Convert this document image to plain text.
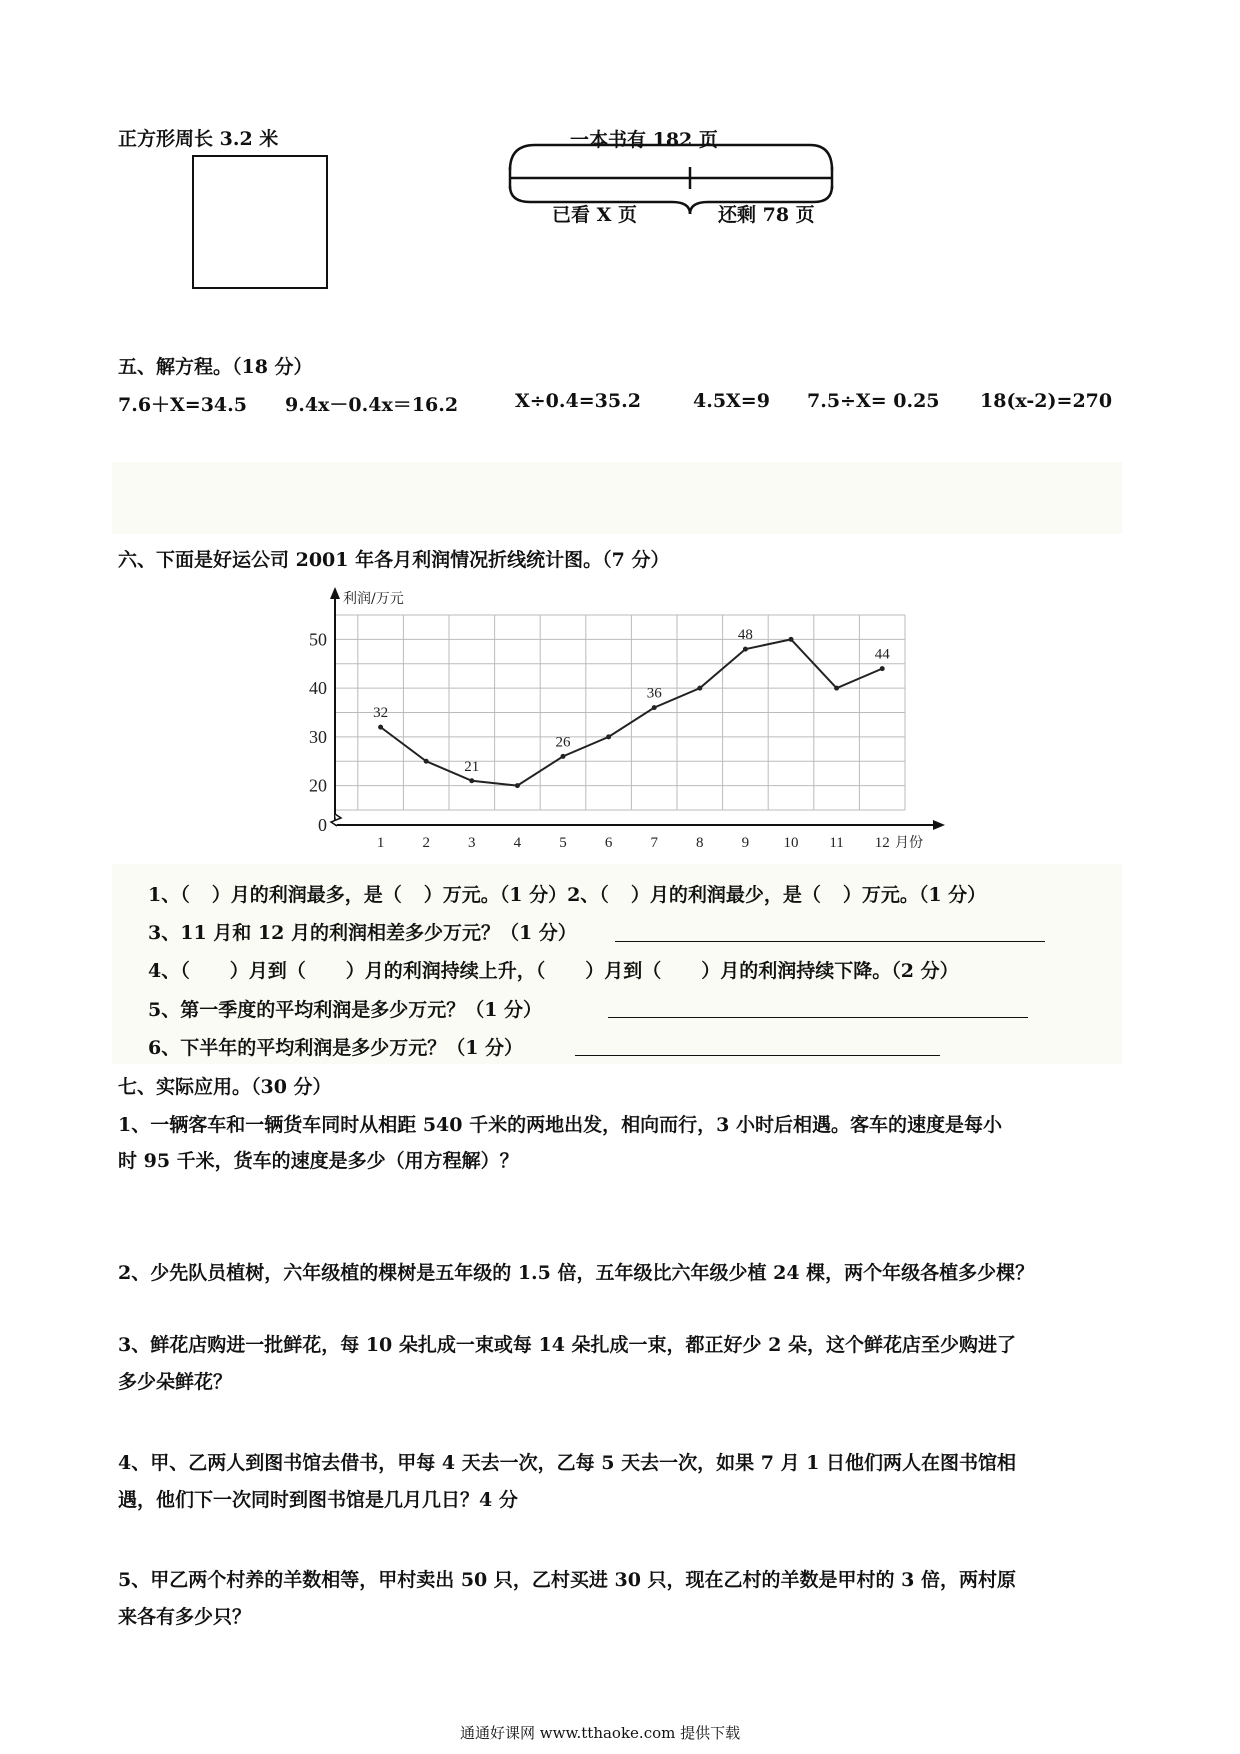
正方形周长 3.2 米	一本书有 182 页
已看 X 页	还剩 78 页
五、解方程。（18 分）
7.6＋X=34.5 9.4x－0.4x＝16.2	X÷0.4=35.2	4.5X=9 7.5÷X= 0.25 18(x-2)=270
六、下面是好运公司 2001 年各月利润情况折线统计图。（7 分）
0
20
30
40
50
1	2	3	4	5	6	7	8	9 10 11 12
利润/万元
月份
32
21
26
36
48
44
1、（ ）月的利润最多，是（ ）万元。（1 分）2、（ ）月的利润最少，是（ ）万元。（1 分）
3、11 月和 12 月的利润相差多少万元？（1 分）
4、（ ）月到（ ）月的利润持续上升，（ ）月到（ ）月的利润持续下降。（2 分）
5、第一季度的平均利润是多少万元？（1 分）
6、下半年的平均利润是多少万元？（1 分）
七、实际应用。（30 分）
1、一辆客车和一辆货车同时从相距 540 千米的两地出发，相向而行，3 小时后相遇。客车的速度是每小
时 95 千米，货车的速度是多少（用方程解）？
2、少先队员植树，六年级植的棵树是五年级的 1.5 倍，五年级比六年级少植 24 棵，两个年级各植多少棵？
3、鲜花店购进一批鲜花，每 10 朵扎成一束或每 14 朵扎成一束，都正好少 2 朵，这个鲜花店至少购进了
多少朵鲜花？
4、甲、乙两人到图书馆去借书，甲每 4 天去一次，乙每 5 天去一次，如果 7 月 1 日他们两人在图书馆相
遇，他们下一次同时到图书馆是几月几日？4 分
5、甲乙两个村养的羊数相等，甲村卖出 50 只，乙村买进 30 只，现在乙村的羊数是甲村的 3 倍，两村原
来各有多少只？
通通好课网 www.tthaoke.com 提供下载
